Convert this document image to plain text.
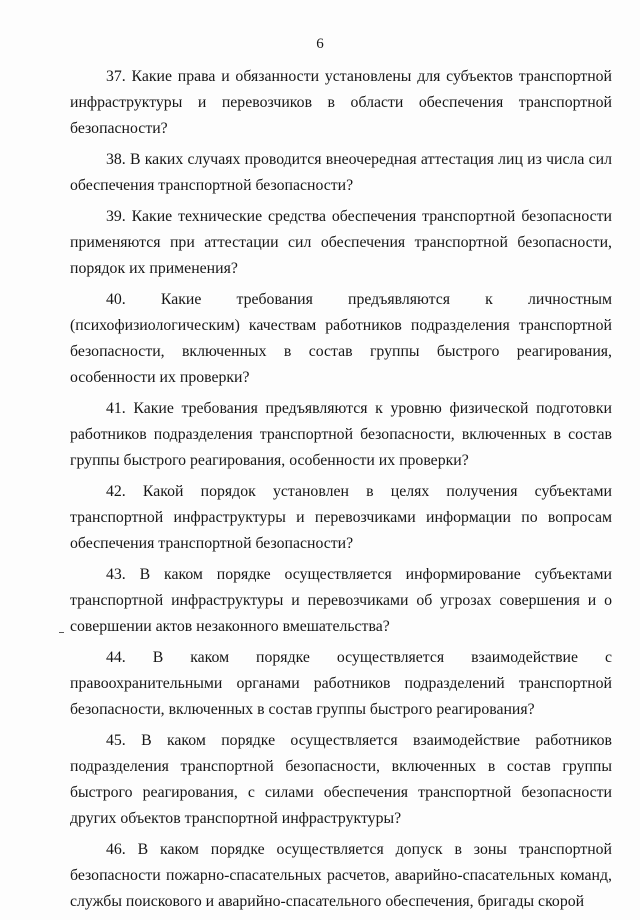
6

37. Какие права и обязанности установлены для субъектов транспортной инфраструктуры и перевозчиков в области обеспечения транспортной безопасности?

38. В каких случаях проводится внеочередная аттестация лиц из числа сил обеспечения транспортной безопасности?

39. Какие технические средства обеспечения транспортной безопасности применяются при аттестации сил обеспечения транспортной безопасности, порядок их применения?

40. Какие требования предъявляются к личностным (психофизиологическим) качествам работников подразделения транспортной безопасности, включенных в состав группы быстрого реагирования, особенности их проверки?

41. Какие требования предъявляются к уровню физической подготовки работников подразделения транспортной безопасности, включенных в состав группы быстрого реагирования, особенности их проверки?

42. Какой порядок установлен в целях получения субъектами транспортной инфраструктуры и перевозчиками информации по вопросам обеспечения транспортной безопасности?

43. В каком порядке осуществляется информирование субъектами транспортной инфраструктуры и перевозчиками об угрозах совершения и о совершении актов незаконного вмешательства?

44. В каком порядке осуществляется взаимодействие с правоохранительными органами работников подразделений транспортной безопасности, включенных в состав группы быстрого реагирования?

45. В каком порядке осуществляется взаимодействие работников подразделения транспортной безопасности, включенных в состав группы быстрого реагирования, с силами обеспечения транспортной безопасности других объектов транспортной инфраструктуры?

46. В каком порядке осуществляется допуск в зоны транспортной безопасности пожарно-спасательных расчетов, аварийно-спасательных команд, службы поискового и аварийно-спасательного обеспечения, бригады скорой
